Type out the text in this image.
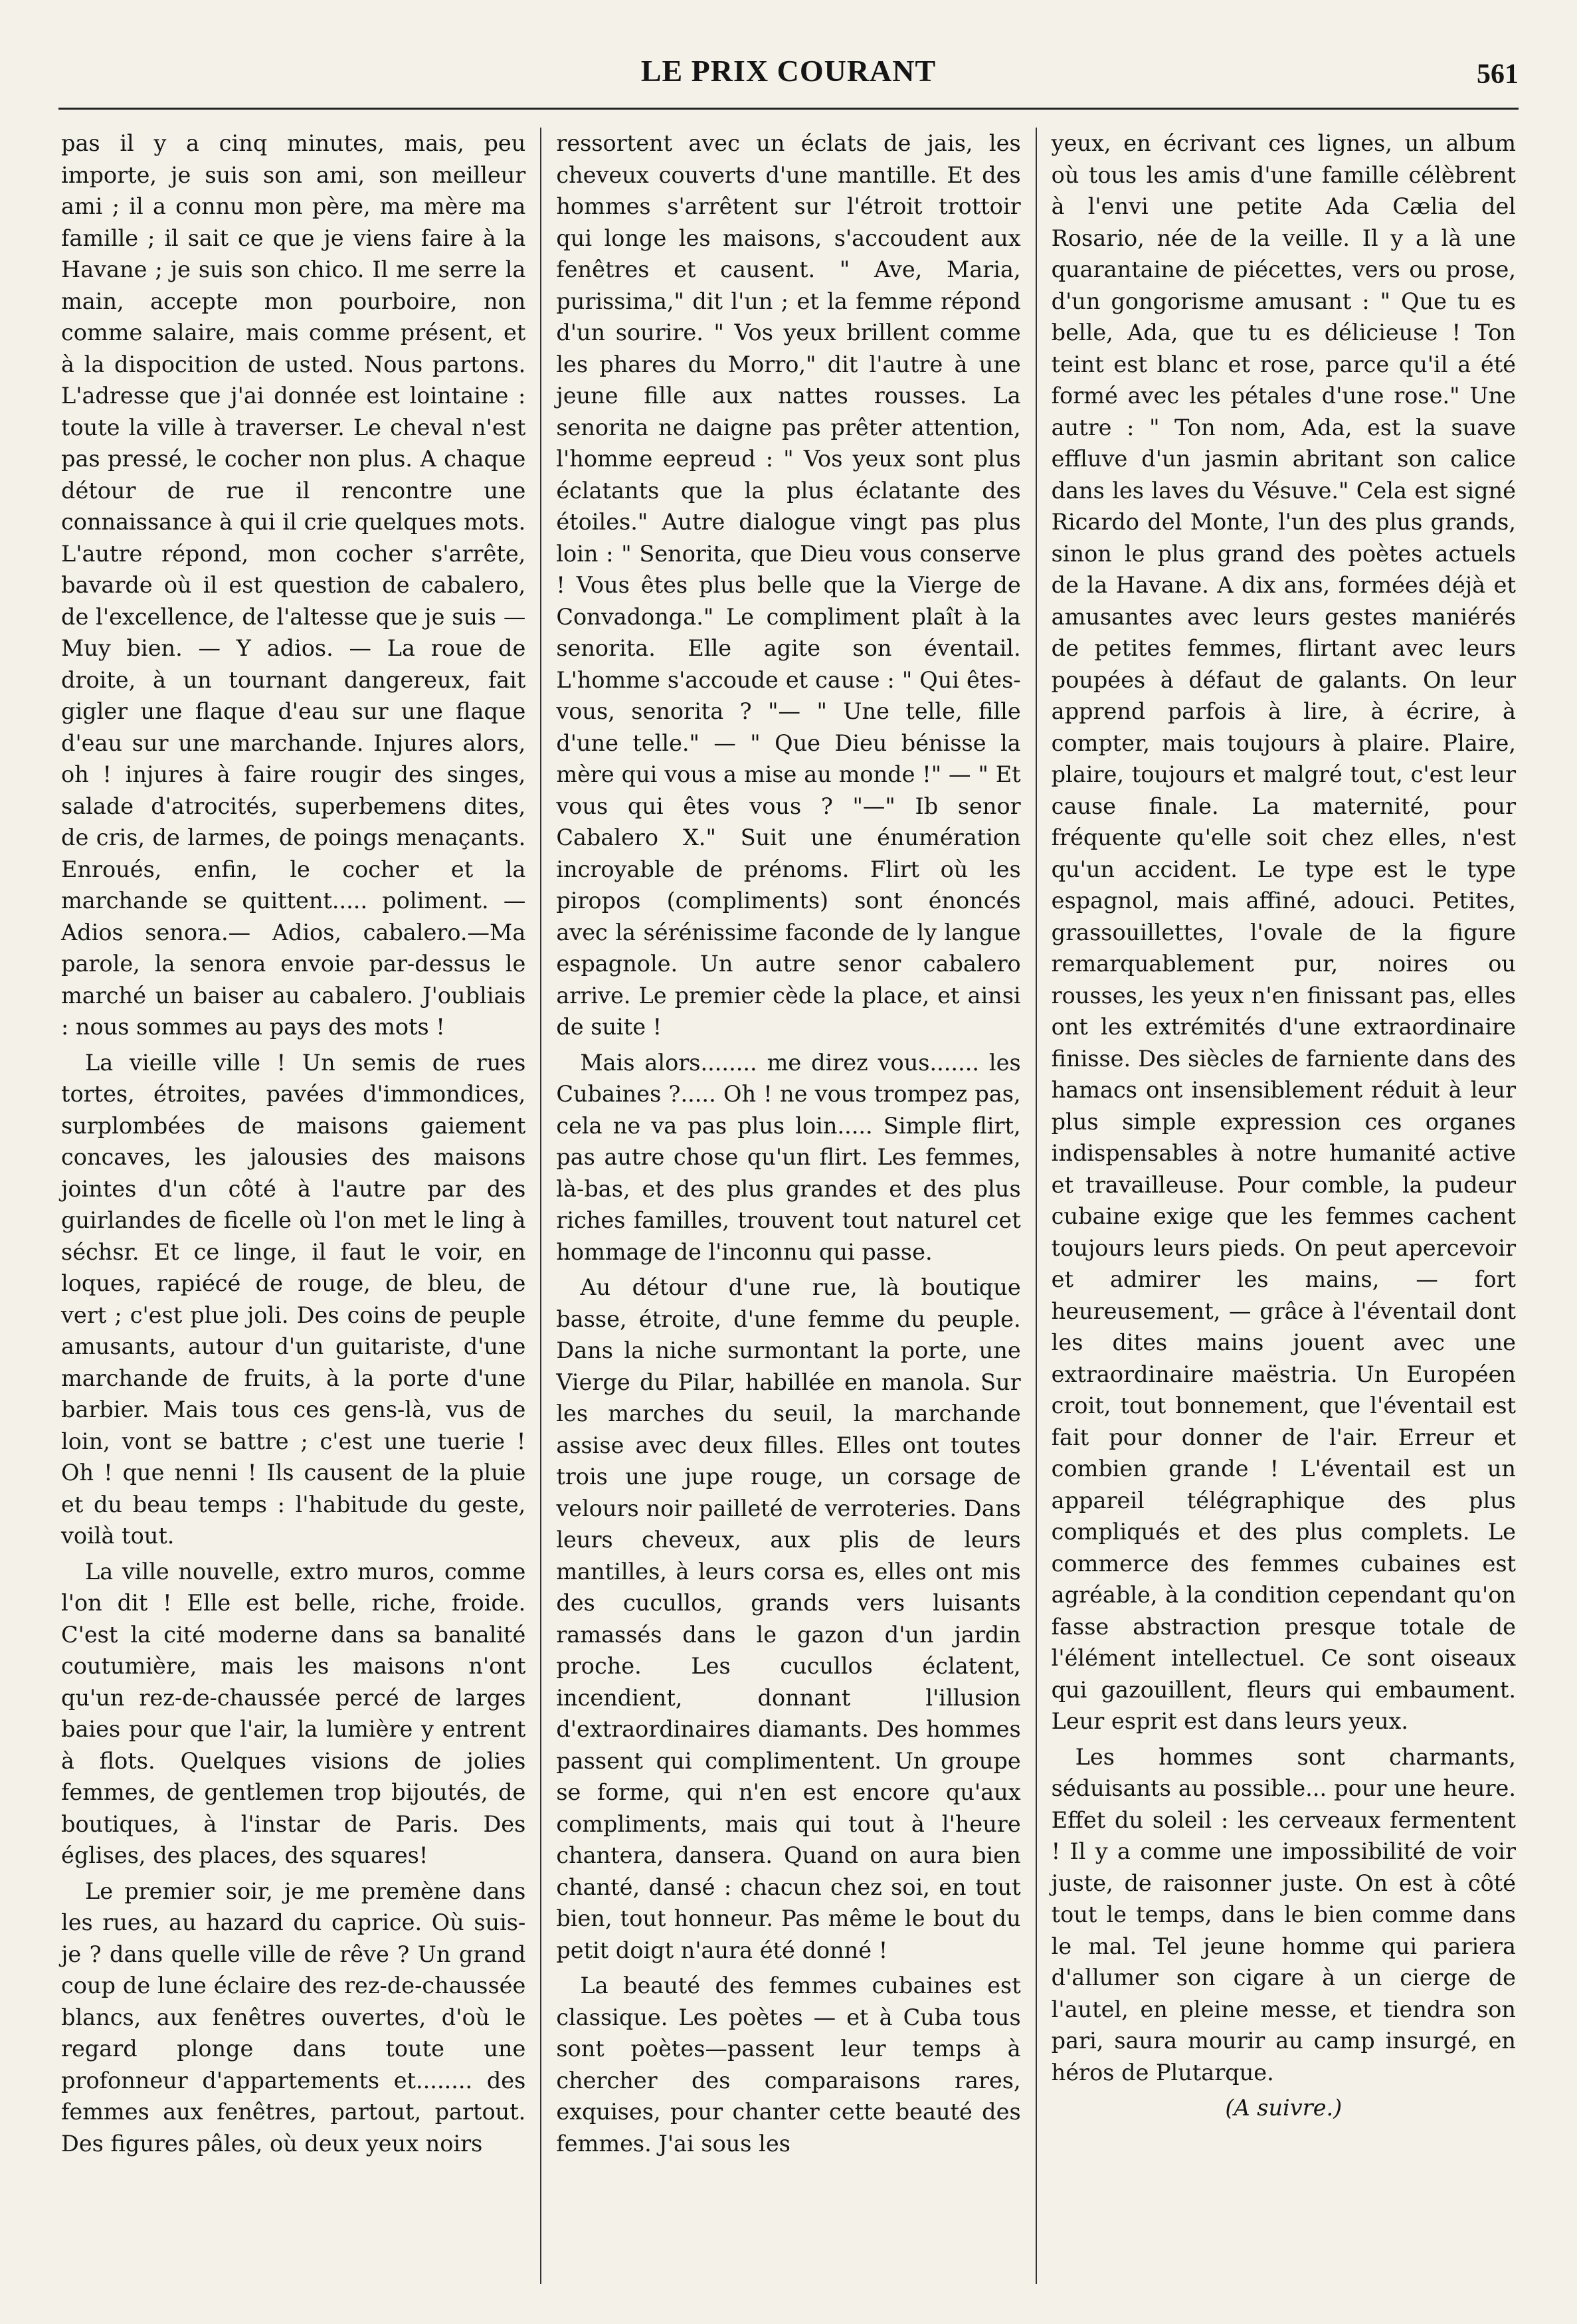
LE PRIX COURANT	561

pas il y a cinq minutes, mais, peu importe, je suis son ami, son meilleur ami ; il a connu mon père, ma mère ma famille ; il sait ce que je viens faire à la Havane ; je suis son chico. Il me serre la main, accepte mon pourboire, non comme salaire, mais comme présent, et à la dispocition de usted. Nous partons. L'adresse que j'ai donnée est lointaine : toute la ville à traverser. Le cheval n'est pas pressé, le cocher non plus. A chaque détour de rue il rencontre une connaissance à qui il crie quelques mots. L'autre répond, mon cocher s'arrête, bavarde où il est question de cabalero, de l'excellence, de l'altesse que je suis — Muy bien. — Y adios. — La roue de droite, à un tournant dangereux, fait gigler une flaque d'eau sur une flaque d'eau sur une marchande. Injures alors, oh ! injures à faire rougir des singes, salade d'atrocités, superbemens dites, de cris, de larmes, de poings menaçants. Enroués, enfin, le cocher et la marchande se quittent..... poliment. — Adios senora.— Adios, cabalero.—Ma parole, la senora envoie par-dessus le marché un baiser au cabalero. J'oubliais : nous sommes au pays des mots !

La vieille ville ! Un semis de rues tortes, étroites, pavées d'immondices, surplombées de maisons gaiement concaves, les jalousies des maisons jointes d'un côté à l'autre par des guirlandes de ficelle où l'on met le ling à séchsr. Et ce linge, il faut le voir, en loques, rapiécé de rouge, de bleu, de vert ; c'est plue joli. Des coins de peuple amusants, autour d'un guitariste, d'une marchande de fruits, à la porte d'une barbier. Mais tous ces gens-là, vus de loin, vont se battre ; c'est une tuerie ! Oh ! que nenni ! Ils causent de la pluie et du beau temps : l'habitude du geste, voilà tout.

La ville nouvelle, extro muros, comme l'on dit ! Elle est belle, riche, froide. C'est la cité moderne dans sa banalité coutumière, mais les maisons n'ont qu'un rez-de-chaussée percé de larges baies pour que l'air, la lumière y entrent à flots. Quelques visions de jolies femmes, de gentlemen trop bijoutés, de boutiques, à l'instar de Paris. Des églises, des places, des squares!

Le premier soir, je me premène dans les rues, au hazard du caprice. Où suis-je ? dans quelle ville de rêve ? Un grand coup de lune éclaire des rez-de-chaussée blancs, aux fenêtres ouvertes, d'où le regard plonge dans toute une profonneur d'appartements et........ des femmes aux fenêtres, partout, partout. Des figures pâles, où deux yeux noirs

ressortent avec un éclats de jais, les cheveux couverts d'une mantille. Et des hommes s'arrêtent sur l'étroit trottoir qui longe les maisons, s'accoudent aux fenêtres et causent. " Ave, Maria, purissima," dit l'un ; et la femme répond d'un sourire. " Vos yeux brillent comme les phares du Morro," dit l'autre à une jeune fille aux nattes rousses. La senorita ne daigne pas prêter attention, l'homme eepreud : " Vos yeux sont plus éclatants que la plus éclatante des étoiles." Autre dialogue vingt pas plus loin : " Senorita, que Dieu vous conserve ! Vous êtes plus belle que la Vierge de Convadonga." Le compliment plaît à la senorita. Elle agite son éventail. L'homme s'accoude et cause : " Qui êtes-vous, senorita ? "— " Une telle, fille d'une telle." — " Que Dieu bénisse la mère qui vous a mise au monde !" — " Et vous qui êtes vous ? "—" Ib senor Cabalero X." Suit une énumération incroyable de prénoms. Flirt où les piropos (compliments) sont énoncés avec la sérénissime faconde de ly langue espagnole. Un autre senor cabalero arrive. Le premier cède la place, et ainsi de suite !

Mais alors........ me direz vous....... les Cubaines ?..... Oh ! ne vous trompez pas, cela ne va pas plus loin..... Simple flirt, pas autre chose qu'un flirt. Les femmes, là-bas, et des plus grandes et des plus riches familles, trouvent tout naturel cet hommage de l'inconnu qui passe.

Au détour d'une rue, là boutique basse, étroite, d'une femme du peuple. Dans la niche surmontant la porte, une Vierge du Pilar, habillée en manola. Sur les marches du seuil, la marchande assise avec deux filles. Elles ont toutes trois une jupe rouge, un corsage de velours noir pailleté de verroteries. Dans leurs cheveux, aux plis de leurs mantilles, à leurs corsa es, elles ont mis des cucullos, grands vers luisants ramassés dans le gazon d'un jardin proche. Les cucullos éclatent, incendient, donnant l'illusion d'extraordinaires diamants. Des hommes passent qui complimentent. Un groupe se forme, qui n'en est encore qu'aux compliments, mais qui tout à l'heure chantera, dansera. Quand on aura bien chanté, dansé : chacun chez soi, en tout bien, tout honneur. Pas même le bout du petit doigt n'aura été donné !

La beauté des femmes cubaines est classique. Les poètes — et à Cuba tous sont poètes—passent leur temps à chercher des comparaisons rares, exquises, pour chanter cette beauté des femmes. J'ai sous les

yeux, en écrivant ces lignes, un album où tous les amis d'une famille célèbrent à l'envi une petite Ada Cælia del Rosario, née de la veille. Il y a là une quarantaine de piécettes, vers ou prose, d'un gongorisme amusant : " Que tu es belle, Ada, que tu es délicieuse ! Ton teint est blanc et rose, parce qu'il a été formé avec les pétales d'une rose." Une autre : " Ton nom, Ada, est la suave effluve d'un jasmin abritant son calice dans les laves du Vésuve." Cela est signé Ricardo del Monte, l'un des plus grands, sinon le plus grand des poètes actuels de la Havane. A dix ans, formées déjà et amusantes avec leurs gestes maniérés de petites femmes, flirtant avec leurs poupées à défaut de galants. On leur apprend parfois à lire, à écrire, à compter, mais toujours à plaire. Plaire, plaire, toujours et malgré tout, c'est leur cause finale. La maternité, pour fréquente qu'elle soit chez elles, n'est qu'un accident. Le type est le type espagnol, mais affiné, adouci. Petites, grassouillettes, l'ovale de la figure remarquablement pur, noires ou rousses, les yeux n'en finissant pas, elles ont les extrémités d'une extraordinaire finisse. Des siècles de farniente dans des hamacs ont insensiblement réduit à leur plus simple expression ces organes indispensables à notre humanité active et travailleuse. Pour comble, la pudeur cubaine exige que les femmes cachent toujours leurs pieds. On peut apercevoir et admirer les mains, — fort heureusement, — grâce à l'éventail dont les dites mains jouent avec une extraordinaire maëstria. Un Européen croit, tout bonnement, que l'éventail est fait pour donner de l'air. Erreur et combien grande ! L'éventail est un appareil télégraphique des plus compliqués et des plus complets. Le commerce des femmes cubaines est agréable, à la condition cependant qu'on fasse abstraction presque totale de l'élément intellectuel. Ce sont oiseaux qui gazouillent, fleurs qui embaument. Leur esprit est dans leurs yeux.

Les hommes sont charmants, séduisants au possible... pour une heure. Effet du soleil : les cerveaux fermentent ! Il y a comme une impossibilité de voir juste, de raisonner juste. On est à côté tout le temps, dans le bien comme dans le mal. Tel jeune homme qui pariera d'allumer son cigare à un cierge de l'autel, en pleine messe, et tiendra son pari, saura mourir au camp insurgé, en héros de Plutarque.

(A suivre.)
